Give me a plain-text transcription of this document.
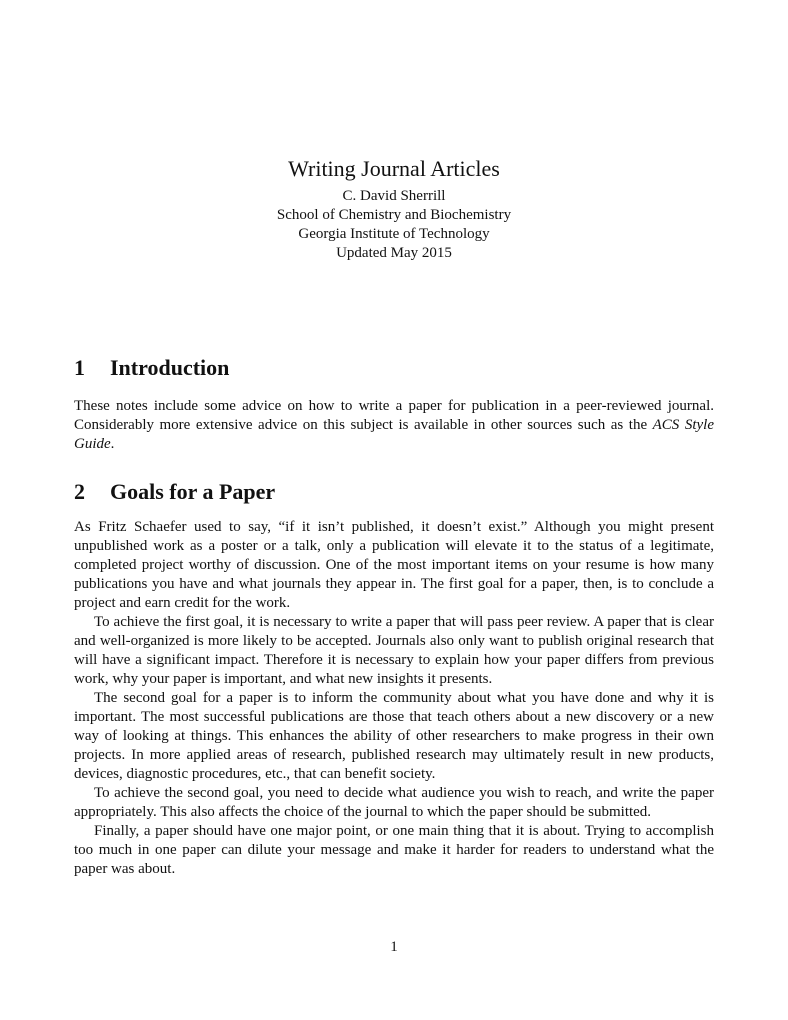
Writing Journal Articles
C. David Sherrill
School of Chemistry and Biochemistry
Georgia Institute of Technology
Updated May 2015
1 Introduction

These notes include some advice on how to write a paper for publication in a peer-reviewed journal. Considerably more extensive advice on this subject is available in other sources such as the ACS Style Guide.

2 Goals for a Paper

As Fritz Schaefer used to say, “if it isn’t published, it doesn’t exist.” Although you might present unpublished work as a poster or a talk, only a publication will elevate it to the status of a legitimate, completed project worthy of discussion. One of the most important items on your resume is how many publications you have and what journals they appear in. The first goal for a paper, then, is to conclude a project and earn credit for the work.

To achieve the first goal, it is necessary to write a paper that will pass peer review. A paper that is clear and well-organized is more likely to be accepted. Journals also only want to publish original research that will have a significant impact. Therefore it is necessary to explain how your paper differs from previous work, why your paper is important, and what new insights it presents.

The second goal for a paper is to inform the community about what you have done and why it is important. The most successful publications are those that teach others about a new discovery or a new way of looking at things. This enhances the ability of other researchers to make progress in their own projects. In more applied areas of research, published research may ultimately result in new products, devices, diagnostic procedures, etc., that can benefit society.

To achieve the second goal, you need to decide what audience you wish to reach, and write the paper appropriately. This also affects the choice of the journal to which the paper should be submitted.

Finally, a paper should have one major point, or one main thing that it is about. Trying to accomplish too much in one paper can dilute your message and make it harder for readers to understand what the paper was about.

1
